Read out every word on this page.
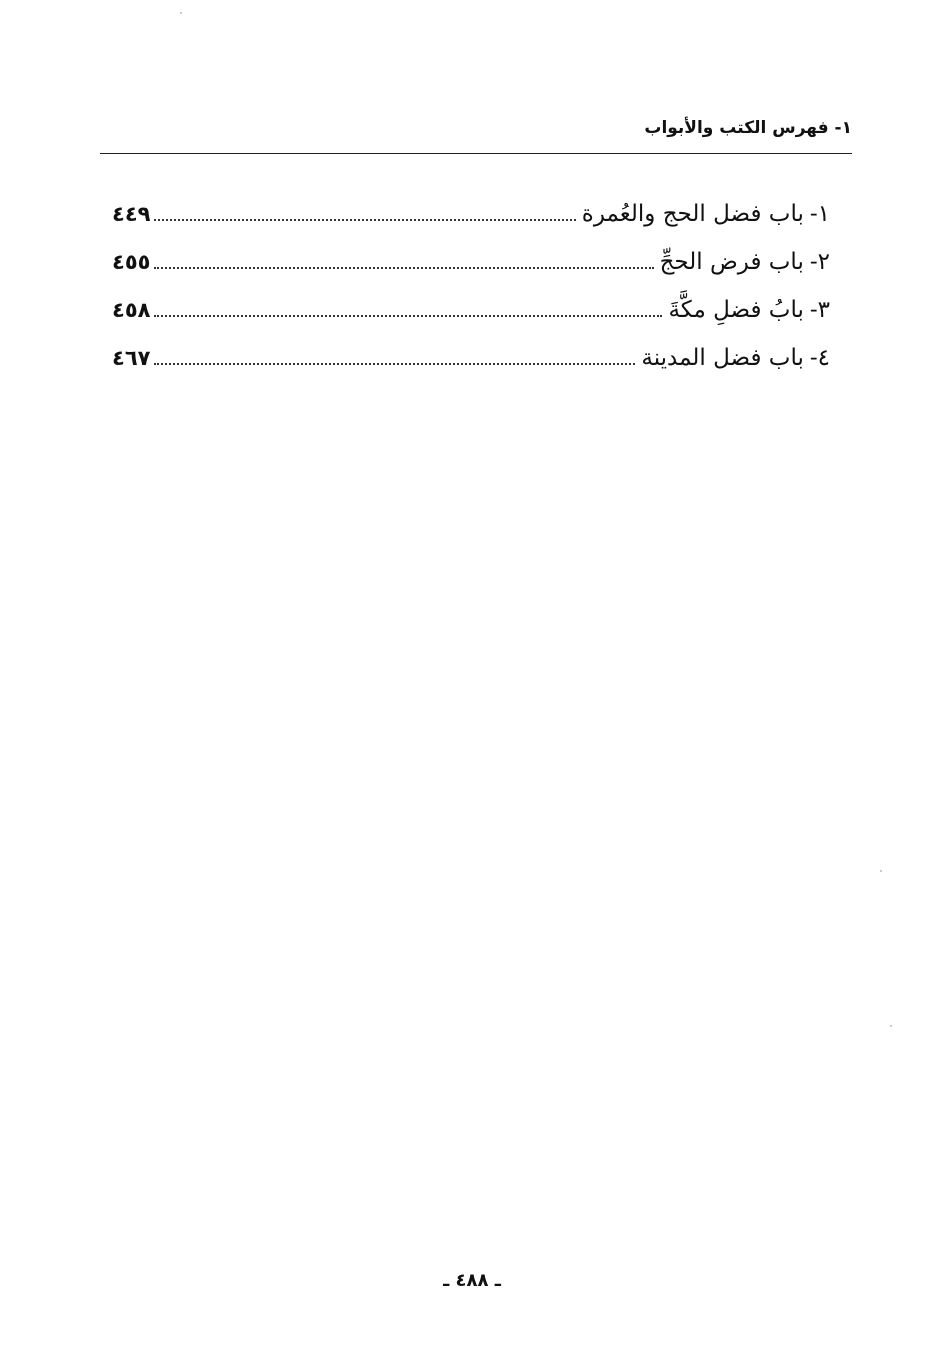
١- فهرس الكتب والأبواب
١-
باب فضل الحج والعُمرة
٤٤٩
٢-
باب فرض الحجِّ
٤٥٥
٣-
بابُ فضلِ مكَّةَ
٤٥٨
٤-
باب فضل المدينة
٤٦٧
ـ ٤٨٨ ـ
